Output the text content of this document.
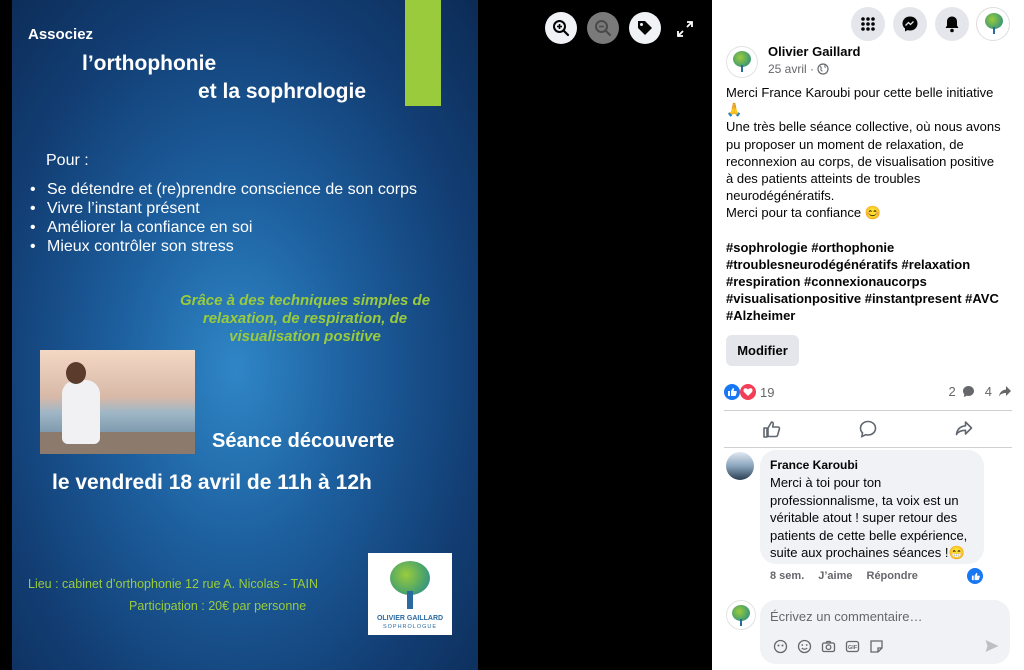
Associez
l’orthophonie
et la sophrologie
Pour :
• Se détendre et (re)prendre conscience de son corps
• Vivre l’instant présent
• Améliorer la confiance en soi
• Mieux contrôler son stress
Grâce à des techniques simples de
relaxation, de respiration, de
visualisation positive
Séance découverte
le vendredi 18 avril de 11h à 12h
Lieu : cabinet d’orthophonie 12 rue A. Nicolas - TAIN
Participation : 20€ par personne
OLIVIER GAILLARD
SOPHROLOGUE
Olivier Gaillard
25 avril ·

Merci France Karoubi pour cette belle initiative

🙏

Une très belle séance collective, où nous avons

pu proposer un moment de relaxation, de

reconnexion au corps, de visualisation positive

à des patients atteints de troubles

neurodégénératifs.

Merci pour ta confiance 😊

#sophrologie #orthophonie

#troublesneurodégénératifs #relaxation

#respiration #connexionaucorps

#visualisationpositive #instantpresent #AVC

#Alzheimer

Modifier
19	2 4
France Karoubi
Merci à toi pour ton
professionnalisme, ta voix est un
véritable atout ! super retour des
patients de cette belle expérience,
suite aux prochaines séances !😁
8 sem. J’aime Répondre
Écrivez un commentaire…
GIF
